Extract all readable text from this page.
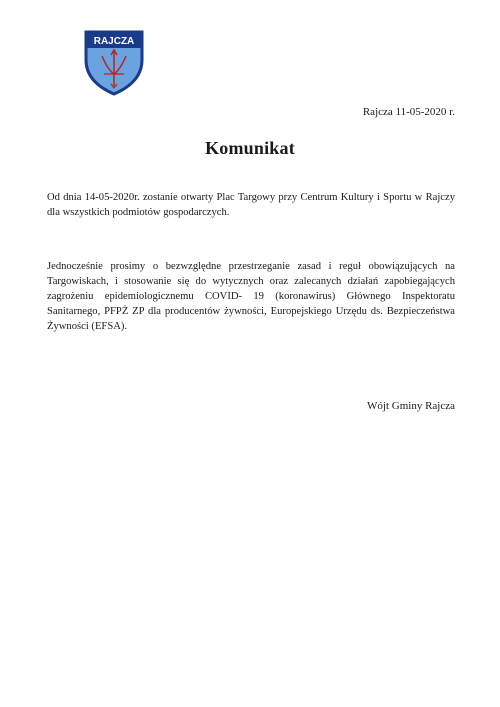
RAJCZA
Rajcza 11-05-2020 r.
Komunikat
Od dnia 14-05-2020r. zostanie otwarty Plac Targowy przy Centrum Kultury i Sportu w Rajczy dla wszystkich podmiotów gospodarczych.
Jednocześnie prosimy o bezwzględne przestrzeganie zasad i reguł obowiązujących na Targowiskach, i stosowanie się do wytycznych oraz zalecanych działań zapobiegających zagrożeniu epidemiologicznemu COVID- 19 (koronawirus) Głównego Inspektoratu Sanitarnego, PFPŻ ZP dla producentów żywności, Europejskiego Urzędu ds. Bezpieczeństwa Żywności (EFSA).
Wójt Gminy Rajcza
